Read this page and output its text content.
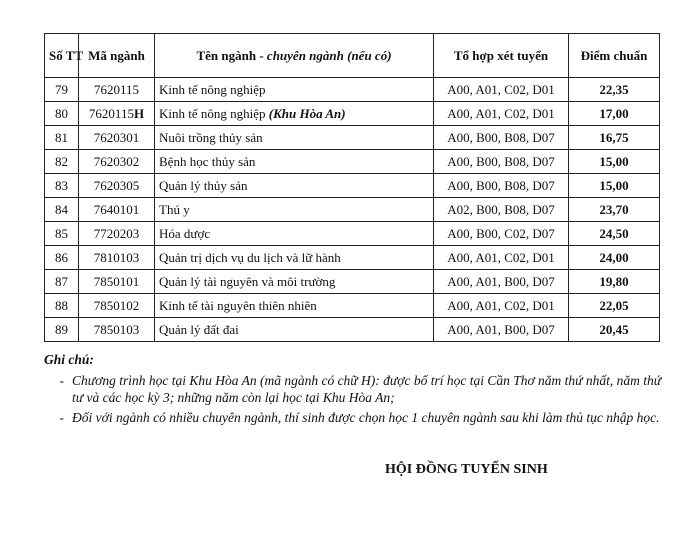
Số TT	Mã ngành	Tên ngành - chuyên ngành (nếu có)	Tổ hợp xét tuyển	Điểm chuẩn
79	7620115	Kinh tế nông nghiệp	A00, A01, C02, D01	22,35
80	7620115H	Kinh tế nông nghiệp (Khu Hòa An)	A00, A01, C02, D01	17,00
81	7620301	Nuôi trồng thủy sản	A00, B00, B08, D07	16,75
82	7620302	Bệnh học thủy sản	A00, B00, B08, D07	15,00
83	7620305	Quản lý thủy sản	A00, B00, B08, D07	15,00
84	7640101	Thú y	A02, B00, B08, D07	23,70
85	7720203	Hóa dược	A00, B00, C02, D07	24,50
86	7810103	Quản trị dịch vụ du lịch và lữ hành	A00, A01, C02, D01	24,00
87	7850101	Quản lý tài nguyên và môi trường	A00, A01, B00, D07	19,80
88	7850102	Kinh tế tài nguyên thiên nhiên	A00, A01, C02, D01	22,05
89	7850103	Quản lý đất đai	A00, A01, B00, D07	20,45
Ghi chú:
- Chương trình học tại Khu Hòa An (mã ngành có chữ H): được bố trí học tại Cần Thơ năm thứ nhất, năm thứ tư và các học kỳ 3; những năm còn lại học tại Khu Hòa An;
- Đối với ngành có nhiều chuyên ngành, thí sinh được chọn học 1 chuyên ngành sau khi làm thủ tục nhập học.
HỘI ĐỒNG TUYỂN SINH
